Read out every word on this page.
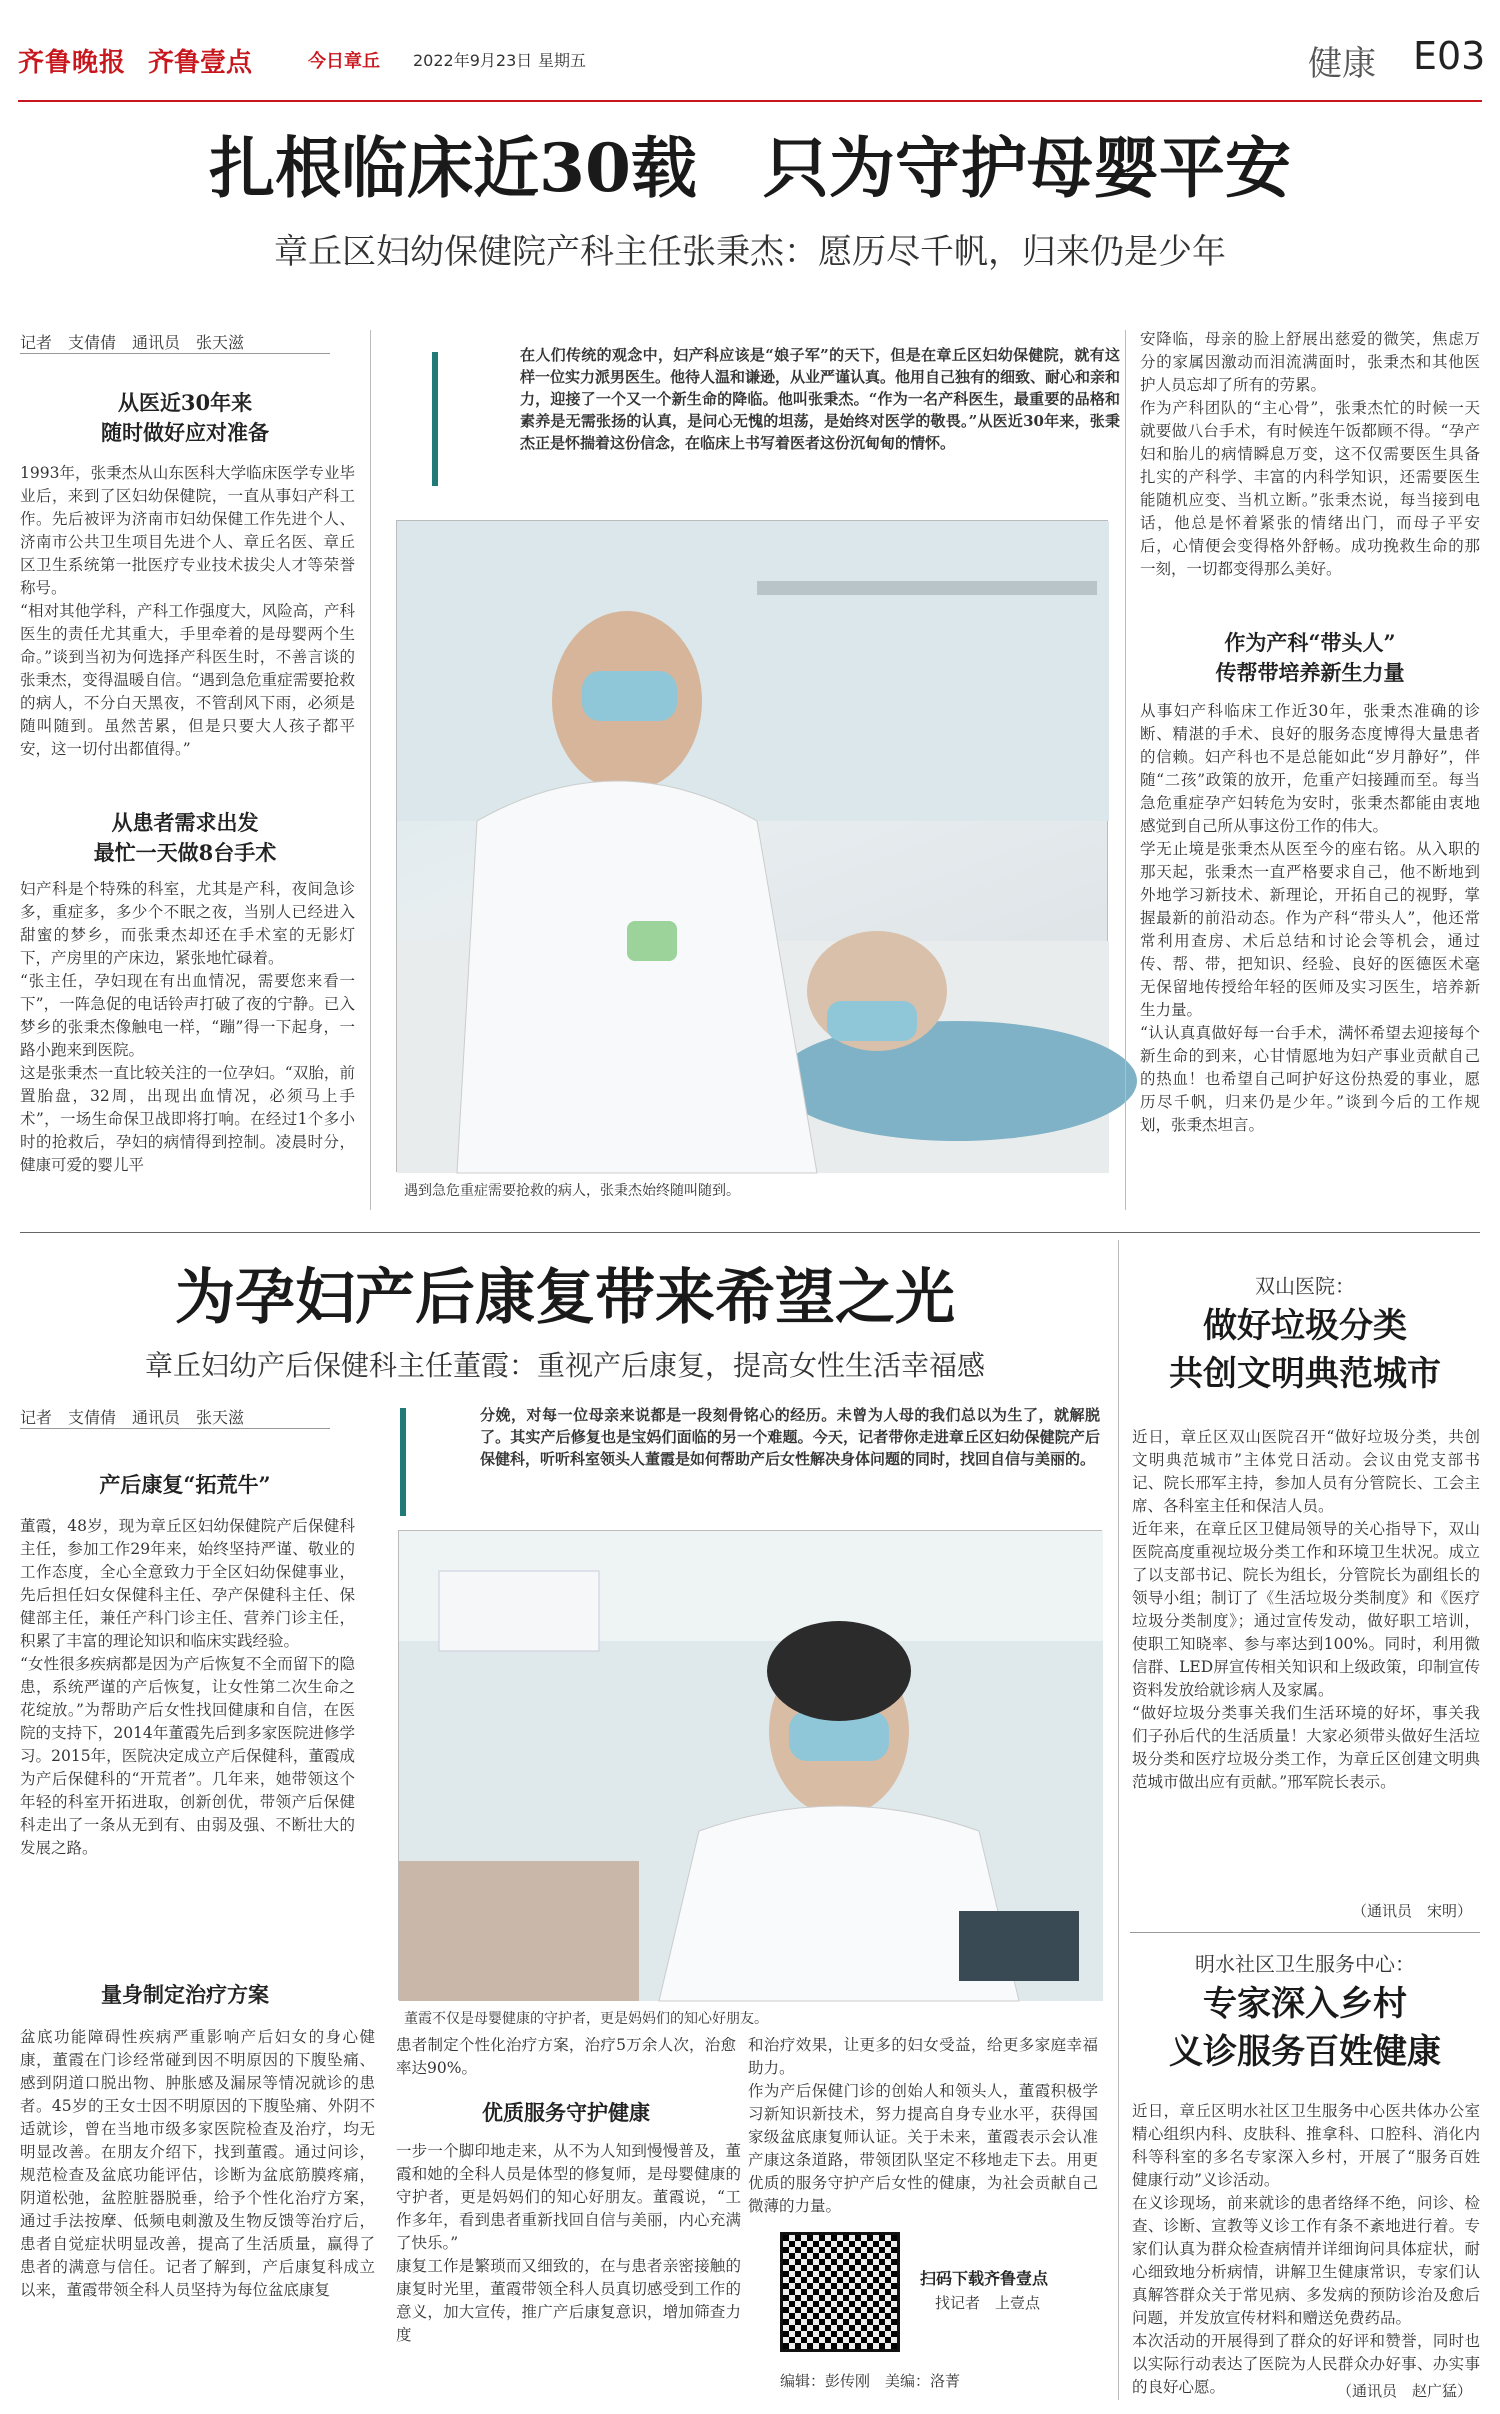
齐鲁晚报 齐鲁壹点	今日章丘 2022年9月23日 星期五	健康 E03
扎根临床近30载　只为守护母婴平安
章丘区妇幼保健院产科主任张秉杰：愿历尽千帆，归来仍是少年
记者　支倩倩　通讯员　张天滋
从医近30年来
随时做好应对准备
1993年，张秉杰从山东医科大学临床医学专业毕业后，来到了区妇幼保健院，一直从事妇产科工作。先后被评为济南市妇幼保健工作先进个人、济南市公共卫生项目先进个人、章丘名医、章丘区卫生系统第一批医疗专业技术拔尖人才等荣誉称号。
“相对其他学科，产科工作强度大，风险高，产科医生的责任尤其重大，手里牵着的是母婴两个生命。”谈到当初为何选择产科医生时，不善言谈的张秉杰，变得温暖自信。“遇到急危重症需要抢救的病人，不分白天黑夜，不管刮风下雨，必须是随叫随到。虽然苦累，但是只要大人孩子都平安，这一切付出都值得。”
从患者需求出发
最忙一天做8台手术
妇产科是个特殊的科室，尤其是产科，夜间急诊多，重症多，多少个不眠之夜，当别人已经进入甜蜜的梦乡，而张秉杰却还在手术室的无影灯下，产房里的产床边，紧张地忙碌着。
“张主任，孕妇现在有出血情况，需要您来看一下”，一阵急促的电话铃声打破了夜的宁静。已入梦乡的张秉杰像触电一样，“蹦”得一下起身，一路小跑来到医院。
这是张秉杰一直比较关注的一位孕妇。“双胎，前置胎盘，32周，出现出血情况，必须马上手术”，一场生命保卫战即将打响。在经过1个多小时的抢救后，孕妇的病情得到控制。凌晨时分，健康可爱的婴儿平
在人们传统的观念中，妇产科应该是“娘子军”的天下，但是在章丘区妇幼保健院，就有这样一位实力派男医生。他待人温和谦逊，从业严谨认真。他用自己独有的细致、耐心和亲和力，迎接了一个又一个新生命的降临。他叫张秉杰。“作为一名产科医生，最重要的品格和素养是无需张扬的认真，是问心无愧的坦荡，是始终对医学的敬畏。”从医近30年来，张秉杰正是怀揣着这份信念，在临床上书写着医者这份沉甸甸的情怀。
遇到急危重症需要抢救的病人，张秉杰始终随叫随到。
安降临，母亲的脸上舒展出慈爱的微笑，焦虑万分的家属因激动而泪流满面时，张秉杰和其他医护人员忘却了所有的劳累。
作为产科团队的“主心骨”，张秉杰忙的时候一天就要做八台手术，有时候连午饭都顾不得。“孕产妇和胎儿的病情瞬息万变，这不仅需要医生具备扎实的产科学、丰富的内科学知识，还需要医生能随机应变、当机立断。”张秉杰说，每当接到电话，他总是怀着紧张的情绪出门，而母子平安后，心情便会变得格外舒畅。成功挽救生命的那一刻，一切都变得那么美好。
作为产科“带头人”
传帮带培养新生力量
从事妇产科临床工作近30年，张秉杰准确的诊断、精湛的手术、良好的服务态度博得大量患者的信赖。妇产科也不是总能如此“岁月静好”，伴随“二孩”政策的放开，危重产妇接踵而至。每当急危重症孕产妇转危为安时，张秉杰都能由衷地感觉到自己所从事这份工作的伟大。
学无止境是张秉杰从医至今的座右铭。从入职的那天起，张秉杰一直严格要求自己，他不断地到外地学习新技术、新理论，开拓自己的视野，掌握最新的前沿动态。作为产科“带头人”，他还常常利用查房、术后总结和讨论会等机会，通过传、帮、带，把知识、经验、良好的医德医术毫无保留地传授给年轻的医师及实习医生，培养新生力量。
“认认真真做好每一台手术，满怀希望去迎接每个新生命的到来，心甘情愿地为妇产事业贡献自己的热血！也希望自己呵护好这份热爱的事业，愿历尽千帆，归来仍是少年。”谈到今后的工作规划，张秉杰坦言。
为孕妇产后康复带来希望之光
章丘妇幼产后保健科主任董霞：重视产后康复，提高女性生活幸福感
记者　支倩倩　通讯员　张天滋
产后康复“拓荒牛”
董霞，48岁，现为章丘区妇幼保健院产后保健科主任，参加工作29年来，始终坚持严谨、敬业的工作态度，全心全意致力于全区妇幼保健事业，先后担任妇女保健科主任、孕产保健科主任、保健部主任，兼任产科门诊主任、营养门诊主任，积累了丰富的理论知识和临床实践经验。
“女性很多疾病都是因为产后恢复不全而留下的隐患，系统严谨的产后恢复，让女性第二次生命之花绽放。”为帮助产后女性找回健康和自信，在医院的支持下，2014年董霞先后到多家医院进修学习。2015年，医院决定成立产后保健科，董霞成为产后保健科的“开荒者”。几年来，她带领这个年轻的科室开拓进取，创新创优，带领产后保健科走出了一条从无到有、由弱及强、不断壮大的发展之路。
量身制定治疗方案
盆底功能障碍性疾病严重影响产后妇女的身心健康，董霞在门诊经常碰到因不明原因的下腹坠痛、感到阴道口脱出物、肿胀感及漏尿等情况就诊的患者。45岁的王女士因不明原因的下腹坠痛、外阴不适就诊，曾在当地市级多家医院检查及治疗，均无明显改善。在朋友介绍下，找到董霞。通过问诊，规范检查及盆底功能评估，诊断为盆底筋膜疼痛，阴道松弛，盆腔脏器脱垂，给予个性化治疗方案，通过手法按摩、低频电刺激及生物反馈等治疗后，患者自觉症状明显改善，提高了生活质量，赢得了患者的满意与信任。记者了解到，产后康复科成立以来，董霞带领全科人员坚持为每位盆底康复
分娩，对每一位母亲来说都是一段刻骨铭心的经历。未曾为人母的我们总以为生了，就解脱了。其实产后修复也是宝妈们面临的另一个难题。今天，记者带你走进章丘区妇幼保健院产后保健科，听听科室领头人董霞是如何帮助产后女性解决身体问题的同时，找回自信与美丽的。
董霞不仅是母婴健康的守护者，更是妈妈们的知心好朋友。
患者制定个性化治疗方案，治疗5万余人次，治愈率达90%。
优质服务守护健康
一步一个脚印地走来，从不为人知到慢慢普及，董霞和她的全科人员是体型的修复师，是母婴健康的守护者，更是妈妈们的知心好朋友。董霞说，“工作多年，看到患者重新找回自信与美丽，内心充满了快乐。”
康复工作是繁琐而又细致的，在与患者亲密接触的康复时光里，董霞带领全科人员真切感受到工作的意义，加大宣传，推广产后康复意识，增加筛查力度
和治疗效果，让更多的妇女受益，给更多家庭幸福助力。
作为产后保健门诊的创始人和领头人，董霞积极学习新知识新技术，努力提高自身专业水平，获得国家级盆底康复师认证。关于未来，董霞表示会认准产康这条道路，带领团队坚定不移地走下去。用更优质的服务守护产后女性的健康，为社会贡献自己微薄的力量。
扫码下载齐鲁壹点
找记者　上壹点
编辑：彭传刚　美编：洛菁
双山医院：
做好垃圾分类
共创文明典范城市
近日，章丘区双山医院召开“做好垃圾分类，共创文明典范城市”主体党日活动。会议由党支部书记、院长邢军主持，参加人员有分管院长、工会主席、各科室主任和保洁人员。
近年来，在章丘区卫健局领导的关心指导下，双山医院高度重视垃圾分类工作和环境卫生状况。成立了以支部书记、院长为组长，分管院长为副组长的领导小组；制订了《生活垃圾分类制度》和《医疗垃圾分类制度》；通过宣传发动，做好职工培训，使职工知晓率、参与率达到100%。同时，利用微信群、LED屏宣传相关知识和上级政策，印制宣传资料发放给就诊病人及家属。
“做好垃圾分类事关我们生活环境的好坏，事关我们子孙后代的生活质量！大家必须带头做好生活垃圾分类和医疗垃圾分类工作，为章丘区创建文明典范城市做出应有贡献。”邢军院长表示。
（通讯员　宋明）
明水社区卫生服务中心：
专家深入乡村
义诊服务百姓健康
近日，章丘区明水社区卫生服务中心医共体办公室精心组织内科、皮肤科、推拿科、口腔科、消化内科等科室的多名专家深入乡村，开展了“服务百姓健康行动”义诊活动。
在义诊现场，前来就诊的患者络绎不绝，问诊、检查、诊断、宣教等义诊工作有条不紊地进行着。专家们认真为群众检查病情并详细询问具体症状，耐心细致地分析病情，讲解卫生健康常识，专家们认真解答群众关于常见病、多发病的预防诊治及愈后问题，并发放宣传材料和赠送免费药品。
本次活动的开展得到了群众的好评和赞誉，同时也以实际行动表达了医院为人民群众办好事、办实事的良好心愿。	（通讯员　赵广猛）
